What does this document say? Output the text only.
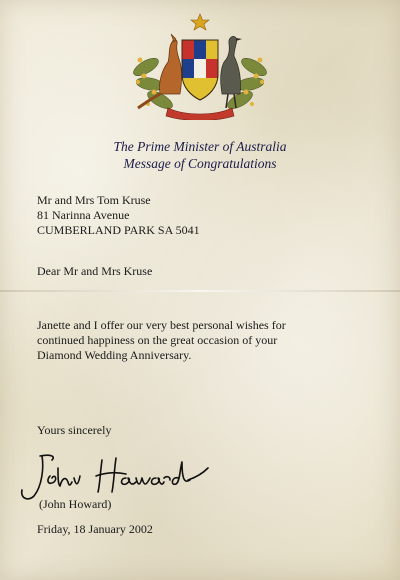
The Prime Minister of Australia
Message of Congratulations
Mr and Mrs Tom Kruse
81 Narinna Avenue
CUMBERLAND PARK SA 5041
Dear Mr and Mrs Kruse
Janette and I offer our very best personal wishes for
continued happiness on the great occasion of your
Diamond Wedding Anniversary.
Yours sincerely
(John Howard)
Friday, 18 January 2002
